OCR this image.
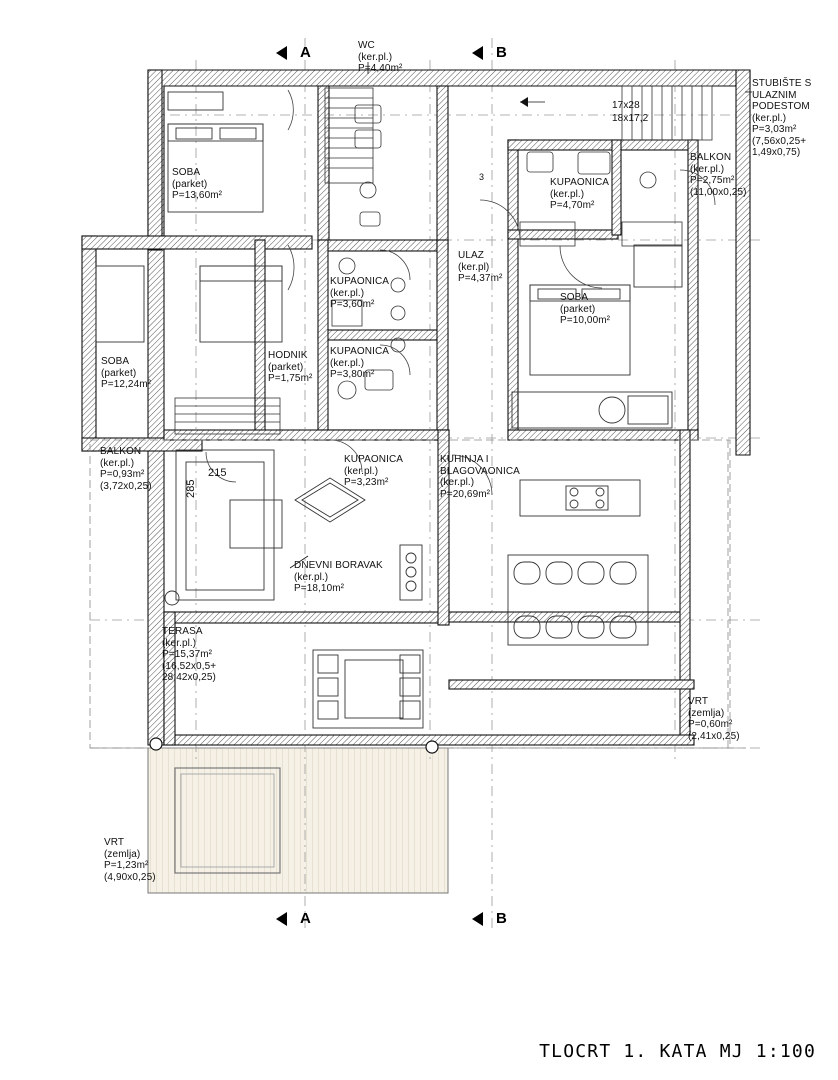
WC
(ker.pl.)
P=4,40m²
SOBA
(parket)
P=13,60m²
SOBA
(parket)
P=12,24m²
SOBA
(parket)
P=10,00m²
KUPAONICA
(ker.pl.)
P=4,70m²
KUPAONICA
(ker.pl.)
P=3,60m²
KUPAONICA
(ker.pl.)
P=3,80m²
KUPAONICA
(ker.pl.)
P=3,23m²
HODNIK
(parket)
P=1,75m²
ULAZ
(ker.pl)
P=4,37m²
DNEVNI BORAVAK
(ker.pl.)
P=18,10m²
KUHINJA I
BLAGOVAONICA
(ker.pl.)
P=20,69m²
TERASA
(ker.pl.)
P=15,37m²
(16,52x0,5+
28,42x0,25)
BALKON
(ker.pl.)
P=2,75m²
(11,00x0,25)
BALKON
(ker.pl.)
P=0,93m²
(3,72x0,25)
VRT
(zemlja)
P=0,60m²
(2,41x0,25)
VRT
(zemlja)
P=1,23m²
(4,90x0,25)
STUBIŠTE S
ULAZNIM
PODESTOM
(ker.pl.)
P=3,03m²
(7,56x0,25+
1,49x0,75)
17x28
18x17,2
215
285
3
A	B
A	B
TLOCRT 1. KATA MJ 1:100
